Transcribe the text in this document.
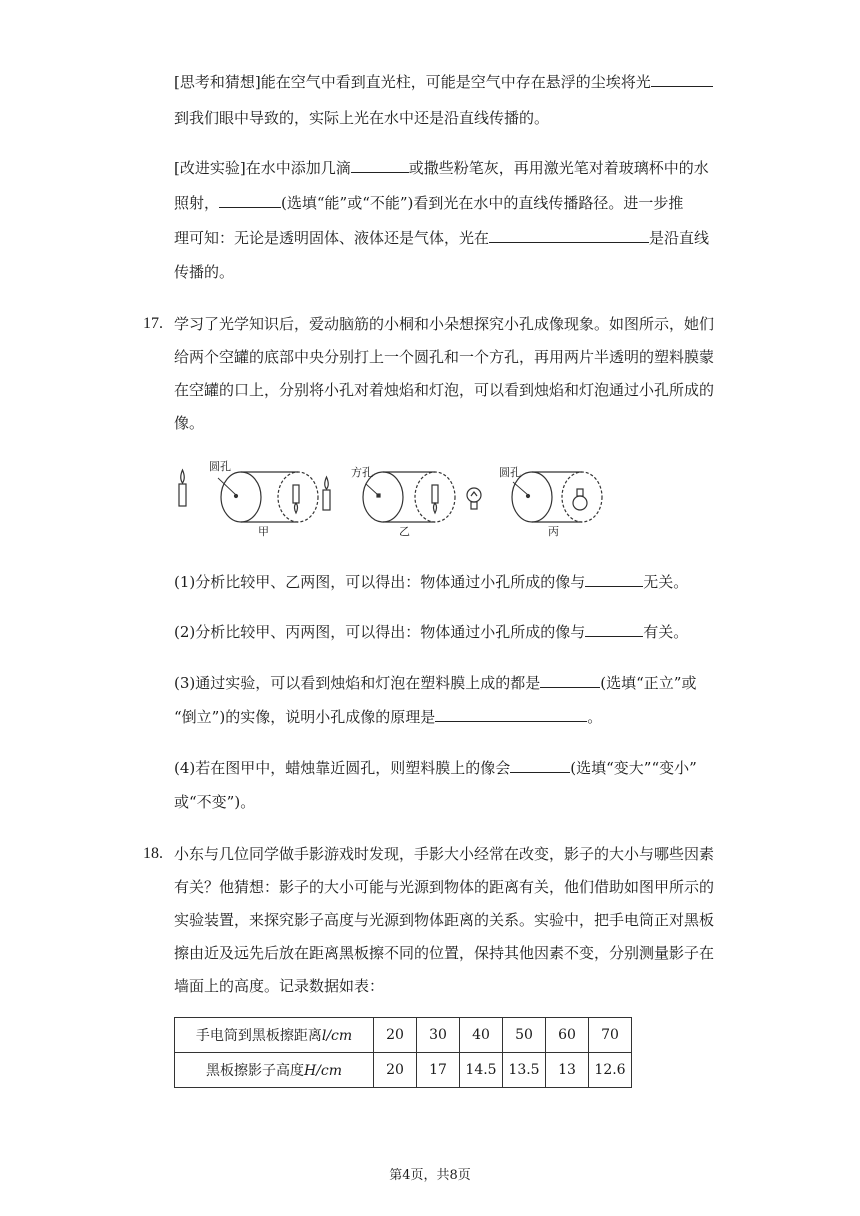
[思考和猜想]能在空气中看到直光柱，可能是空气中存在悬浮的尘埃将光
到我们眼中导致的，实际上光在水中还是沿直线传播的。
[改进实验]在水中添加几滴	或撒些粉笔灰，再用激光笔对着玻璃杯中的水
照射，	(选填“能”或“不能”)看到光在水中的直线传播路径。进一步推
理可知：无论是透明固体、液体还是气体，光在	是沿直线
传播的。
17. 学习了光学知识后，爱动脑筋的小桐和小朵想探究小孔成像现象。如图所示，她们
给两个空罐的底部中央分别打上一个圆孔和一个方孔，再用两片半透明的塑料膜蒙
在空罐的口上，分别将小孔对着烛焰和灯泡，可以看到烛焰和灯泡通过小孔所成的
像。
圆孔
甲
方孔
乙
圆孔
丙
(1)分析比较甲、乙两图，可以得出：物体通过小孔所成的像与	无关。
(2)分析比较甲、丙两图，可以得出：物体通过小孔所成的像与	有关。
(3)通过实验，可以看到烛焰和灯泡在塑料膜上成的都是	(选填“正立”或
“倒立”)的实像，说明小孔成像的原理是	。
(4)若在图甲中，蜡烛靠近圆孔，则塑料膜上的像会	(选填“变大”“变小”
或“不变”)。
18. 小东与几位同学做手影游戏时发现，手影大小经常在改变，影子的大小与哪些因素
有关？他猜想：影子的大小可能与光源到物体的距离有关，他们借助如图甲所示的
实验装置，来探究影子高度与光源到物体距离的关系。实验中，把手电筒正对黑板
擦由近及远先后放在距离黑板擦不同的位置，保持其他因素不变，分别测量影子在
墙面上的高度。记录数据如表：
手电筒到黑板擦距离l/cm	20	30	40	50	60	70
黑板擦影子高度H/cm	20	17	14.5	13.5	13	12.6
第4页，共8页
